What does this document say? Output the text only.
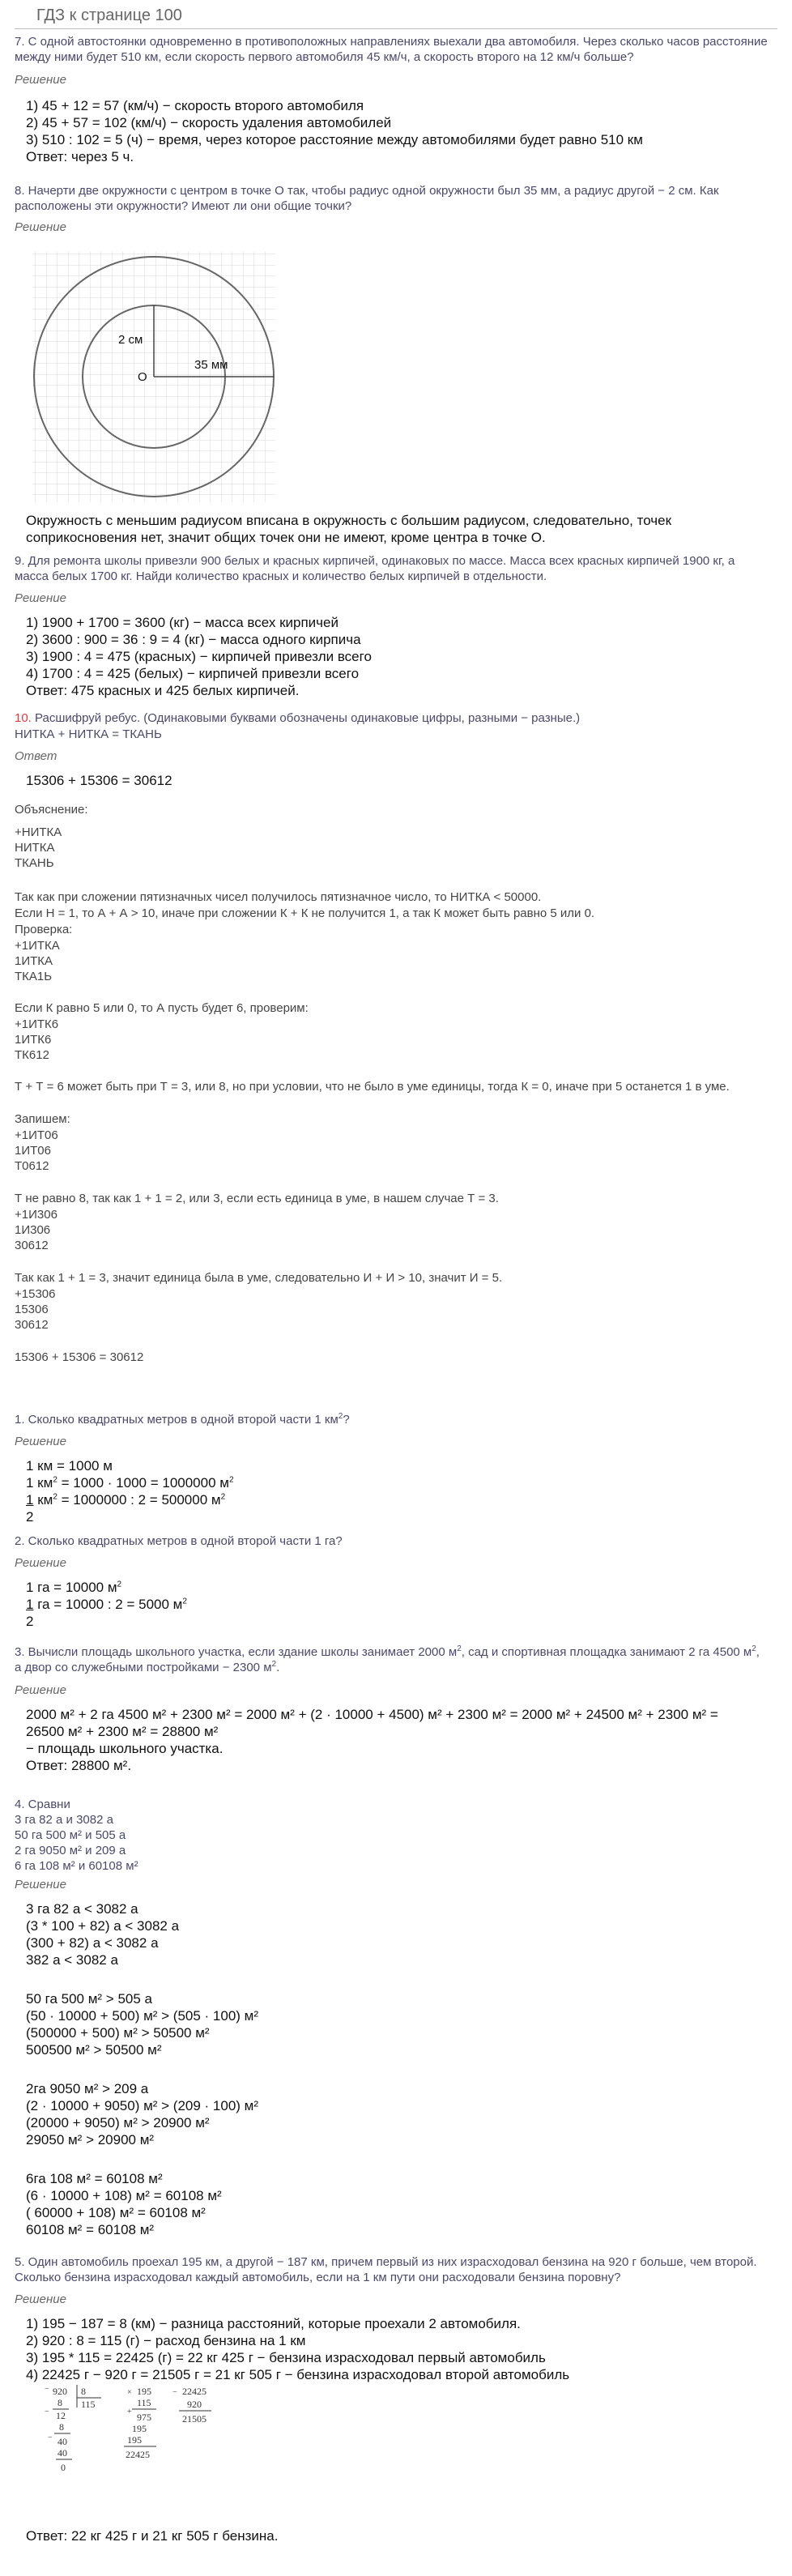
ГДЗ к странице 100
7. С одной автостоянки одновременно в противоположных направлениях выехали два автомобиля. Через сколько часов расстояние между ними будет 510 км, если скорость первого автомобиля 45 км/ч, а скорость второго на 12 км/ч больше?
Решение
1) 45 + 12 = 57 (км/ч) − скорость второго автомобиля
2) 45 + 57 = 102 (км/ч) − скорость удаления автомобилей
3) 510 : 102 = 5 (ч) − время, через которое расстояние между автомобилями будет равно 510 км
Ответ: через 5 ч.
8. Начерти две окружности с центром в точке О так, чтобы радиус одной окружности был 35 мм, а радиус другой − 2 см. Как расположены эти окружности? Имеют ли они общие точки?
Решение
2 см
35 мм
О
Окружность с меньшим радиусом вписана в окружность с большим радиусом, следовательно, точек соприкосновения нет, значит общих точек они не имеют, кроме центра в точке О.
9. Для ремонта школы привезли 900 белых и красных кирпичей, одинаковых по массе. Масса всех красных кирпичей 1900 кг, а масса белых 1700 кг. Найди количество красных и количество белых кирпичей в отдельности.
Решение
1) 1900 + 1700 = 3600 (кг) − масса всех кирпичей
2) 3600 : 900 = 36 : 9 = 4 (кг) − масса одного кирпича
3) 1900 : 4 = 475 (красных) − кирпичей привезли всего
4) 1700 : 4 = 425 (белых) − кирпичей привезли всего
Ответ: 475 красных и 425 белых кирпичей.
10. Расшифруй ребус. (Одинаковыми буквами обозначены одинаковые цифры, разными − разные.)
НИТКА + НИТКА = ТКАНЬ
Ответ
15306 + 15306 = 30612
Объяснение:
+НИТКА
НИТКА
ТКАНЬ
Так как при сложении пятизначных чисел получилось пятизначное число, то НИТКА < 50000.
Если Н = 1, то А + А > 10, иначе при сложении К + К не получится 1, а так К может быть равно 5 или 0.
Проверка:
+1ИТКА
1ИТКА
ТКА1Ь
Если К равно 5 или 0, то А пусть будет 6, проверим:
+1ИТК6
1ИТК6
ТК612
Т + Т = 6 может быть при Т = 3, или 8, но при условии, что не было в уме единицы, тогда К = 0, иначе при 5 останется 1 в уме.
Запишем:
+1ИТ06
1ИТ06
Т0612
Т не равно 8, так как 1 + 1 = 2, или 3, если есть единица в уме, в нашем случае Т = 3.
+1И306
1И306
30612
Так как 1 + 1 = 3, значит единица была в уме, следовательно И + И > 10, значит И = 5.
+15306
15306
30612
15306 + 15306 = 30612
1. Сколько квадратных метров в одной второй части 1 $км^2$?
Решение
1 км = 1000 м
1 $км^2 = 1000 \cdot 1000 = 1000000$ $м^2$
1 $км^2 = 1000000$ : 2 = 500000 $м^2$
2
2. Сколько квадратных метров в одной второй части 1 га?
Решение
1 га = 10000 $м^2$
1 га = 10000 : 2 = 5000 $м^2$
2
3. Вычисли площадь школьного участка, если здание школы занимает 2000 $м^2$, сад и спортивная площадка занимают 2 га 4500 $м^2$, а двор со служебными постройками − 2300 $м^2$.
Решение
2000 м² + 2 га 4500 м² + 2300 м² = 2000 м² + (2 · 10000 + 4500) м² + 2300 м² = 2000 м² + 24500 м² + 2300 м² =
26500 м² + 2300 м² = 28800 м²
− площадь школьного участка.
Ответ: 28800 м².
4. Сравни
3 га 82 а и 3082 а
50 га 500 м² и 505 а
2 га 9050 м² и 209 а
6 га 108 м² и 60108 м²
Решение
3 га 82 а < 3082 а
(3 * 100 + 82) а < 3082 а
(300 + 82) а < 3082 а
382 а < 3082 а
50 га 500 м² > 505 а
(50 · 10000 + 500) м² > (505 · 100) м²
(500000 + 500) м² > 50500 м²
500500 м² > 50500 м²
2га 9050 м² > 209 а
(2 · 10000 + 9050) м² > (209 · 100) м²
(20000 + 9050) м² > 20900 м²
29050 м² > 20900 м²
6га 108 м² = 60108 м²
(6 · 10000 + 108) м² = 60108 м²
( 60000 + 108) м² = 60108 м²
60108 м² = 60108 м²
5. Один автомобиль проехал 195 км, а другой − 187 км, причем первый из них израсходовал бензина на 920 г больше, чем второй. Сколько бензина израсходовал каждый автомобиль, если на 1 км пути они расходовали бензина поровну?
Решение
1) 195 − 187 = 8 (км) − разница расстояний, которые проехали 2 автомобиля.
2) 920 : 8 = 115 (г) − расход бензина на 1 км
3) 195 * 115 = 22425 (г) = 22 кг 425 г − бензина израсходовал первый автомобиль
4) 22425 г − 920 г = 21505 г = 21 кг 505 г − бензина израсходовал второй автомобиль
920 8
115
−
8
− 12
8
− 40
40
0
× 195
115
+ 975
195
195
22425
− 22425
920
21505
Ответ: 22 кг 425 г и 21 кг 505 г бензина.
